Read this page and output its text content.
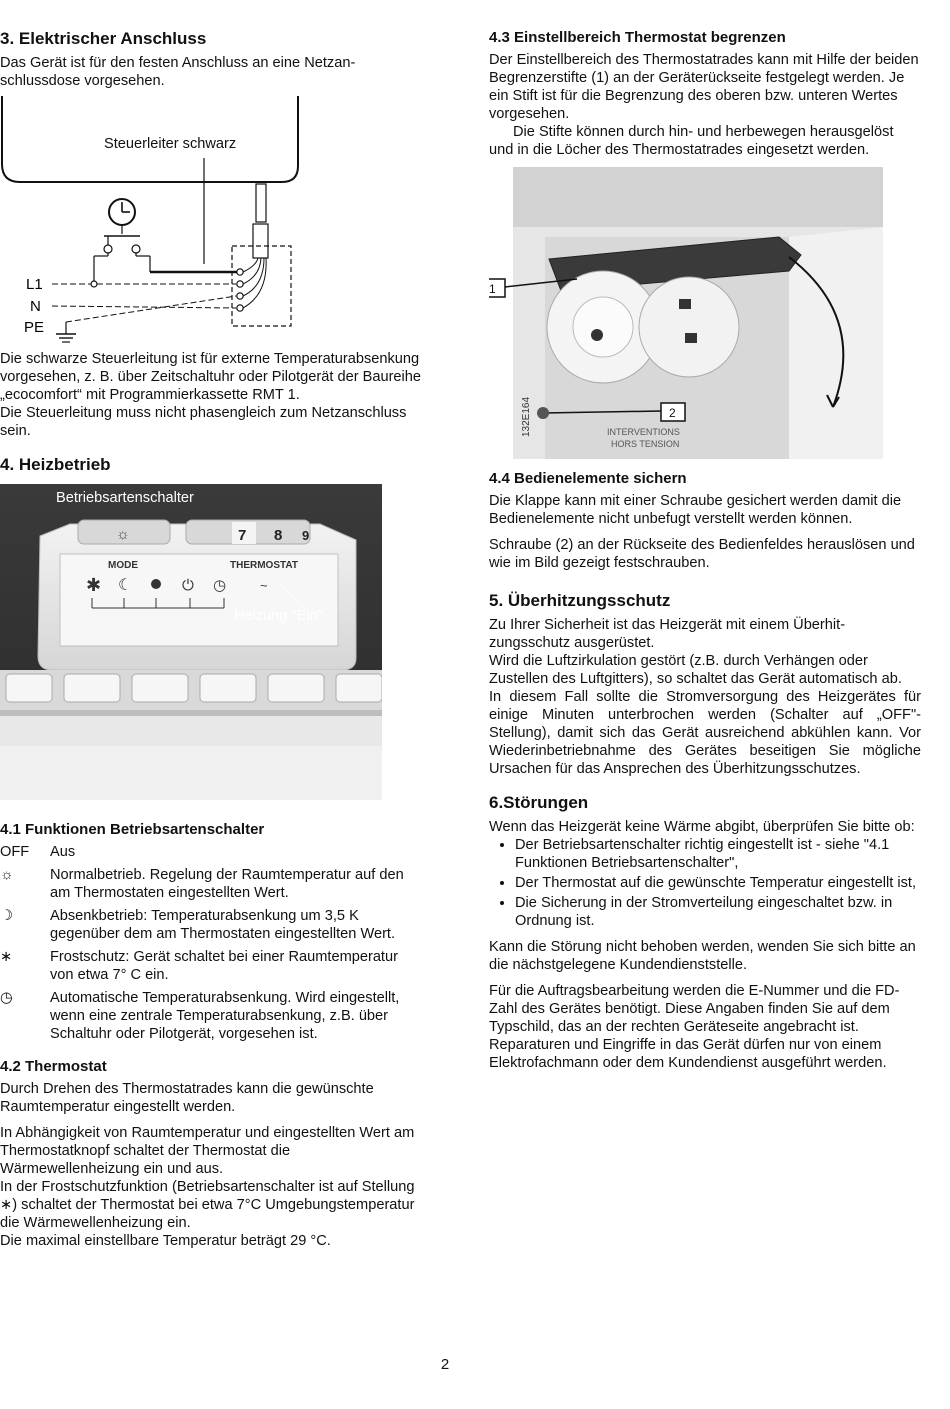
3. Elektrischer Anschluss

Das Gerät ist für den festen Anschluss an eine Netzanschlussdose vorgesehen.

Steuerleiter schwarz
L1
N
PE

Die schwarze Steuerleitung ist für externe Temperaturabsenkung vorgesehen, z. B. über Zeitschaltuhr oder Pilotgerät der Baureihe „ecocomfort“ mit Programmierkassette RMT 1.

Die Steuerleitung muss nicht phasengleich zum Netzanschluss sein.

4. Heizbetrieb
☼	7 8 9
MODE	THERMOSTAT
✱ ☾	⏻ ◷	~
Heizung "Ein"
Betriebsartenschalter
4.1 Funktionen Betriebsartenschalter
OFF	Aus
☼	Normalbetrieb. Regelung der Raumtemperatur auf den am Thermostaten eingestellten Wert.
☽	Absenkbetrieb: Temperaturabsenkung um 3,5 K gegenüber dem am Thermostaten eingestellten Wert.
∗	Frostschutz: Gerät schaltet bei einer Raumtemperatur von etwa 7° C ein.
◷	Automatische Temperaturabsenkung. Wird eingestellt, wenn eine zentrale Temperaturabsenkung, z.B. über Schaltuhr oder Pilotgerät, vorgesehen ist.
4.2 Thermostat

Durch Drehen des Thermostatrades kann die gewünschte Raumtemperatur eingestellt werden.

In Abhängigkeit von Raumtemperatur und eingestellten Wert am Thermostatknopf schaltet der Thermostat die Wärmewellenheizung ein und aus.

In der Frostschutzfunktion (Betriebsartenschalter ist auf Stellung ∗) schaltet der Thermostat bei etwa 7°C Umgebungstemperatur die Wärmewellenheizung ein.

Die maximal einstellbare Temperatur beträgt 29 °C.

4.3 Einstellbereich Thermostat begrenzen

Der Einstellbereich des Thermostatrades kann mit Hilfe der beiden Begrenzerstifte (1) an der Geräterückseite festgelegt werden. Je ein Stift ist für die Begrenzung des oberen bzw. unteren Wertes vorgesehen.

Die Stifte können durch hin- und herbewegen herausgelöst und in die Löcher des Thermostatrades eingesetzt werden.

132E164	INTERVENTIONS
HORS TENSION
1
2
4.4 Bedienelemente sichern

Die Klappe kann mit einer Schraube gesichert werden damit die Bedienelemente nicht unbefugt verstellt werden können.

Schraube (2) an der Rückseite des Bedienfeldes herauslösen und wie im Bild gezeigt festschrauben.

5. Überhitzungsschutz

Zu Ihrer Sicherheit ist das Heizgerät mit einem Überhitzungsschutz ausgerüstet.

Wird die Luftzirkulation gestört (z.B. durch Verhängen oder Zustellen des Luftgitters), so schaltet das Gerät automatisch ab.

In diesem Fall sollte die Stromversorgung des Heizgerätes für einige Minuten unterbrochen werden (Schalter auf „OFF"-Stellung), damit sich das Gerät ausreichend abkühlen kann. Vor Wiederinbetriebnahme des Gerätes beseitigen Sie mögliche Ursachen für das Ansprechen des Überhitzungsschutzes.

6.Störungen

Wenn das Heizgerät keine Wärme abgibt, überprüfen Sie bitte ob:

• Der Betriebsartenschalter richtig eingestellt ist - siehe "4.1 Funktionen Betriebsartenschalter",
• Der Thermostat auf die gewünschte Temperatur eingestellt ist,
• Die Sicherung in der Stromverteilung eingeschaltet bzw. in Ordnung ist.

Kann die Störung nicht behoben werden, wenden Sie sich bitte an die nächstgelegene Kundendienststelle.

Für die Auftragsbearbeitung werden die E-Nummer und die FD-Zahl des Gerätes benötigt. Diese Angaben finden Sie auf dem Typschild, das an der rechten Geräteseite angebracht ist.

Reparaturen und Eingriffe in das Gerät dürfen nur von einem Elektrofachmann oder dem Kundendienst ausgeführt werden.

2
